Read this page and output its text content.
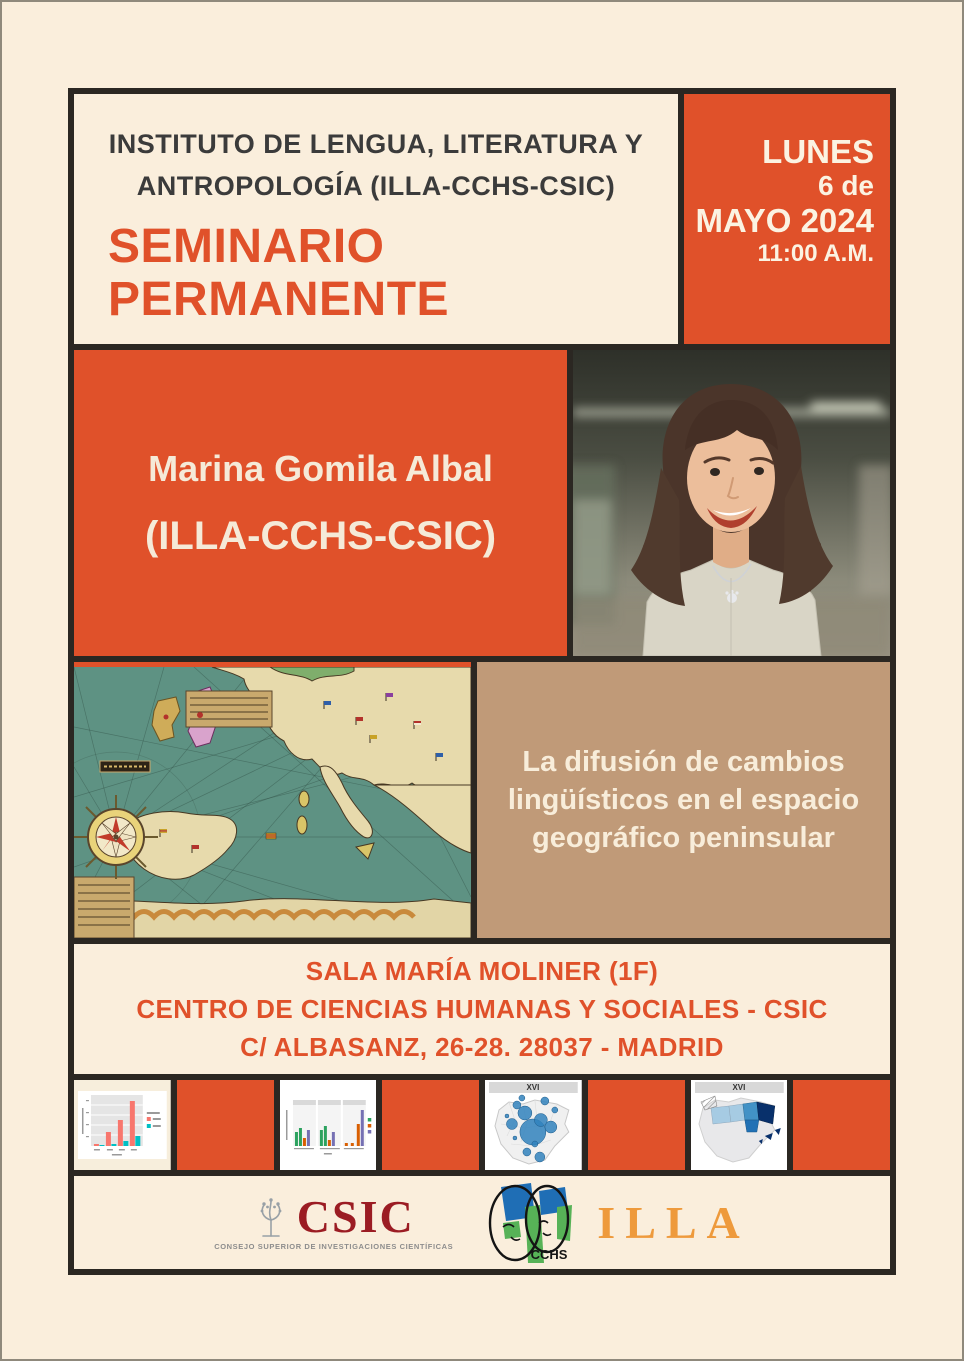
INSTITUTO DE LENGUA, LITERATURA Y
ANTROPOLOGÍA (ILLA-CCHS-CSIC)
SEMINARIO
PERMANENTE
LUNES
6 de
MAYO 2024
11:00 A.M.
Marina Gomila Albal
(ILLA-CCHS-CSIC)
La difusión de cambios
lingüísticos en el espacio
geográfico peninsular
SALA MARÍA MOLINER (1F)
CENTRO DE CIENCIAS HUMANAS Y SOCIALES - CSIC
C/ ALBASANZ, 26-28. 28037 - MADRID
XVI	XVI
CSIC
CONSEJO SUPERIOR DE INVESTIGACIONES CIENTÍFICAS	CCHS
ILLA
